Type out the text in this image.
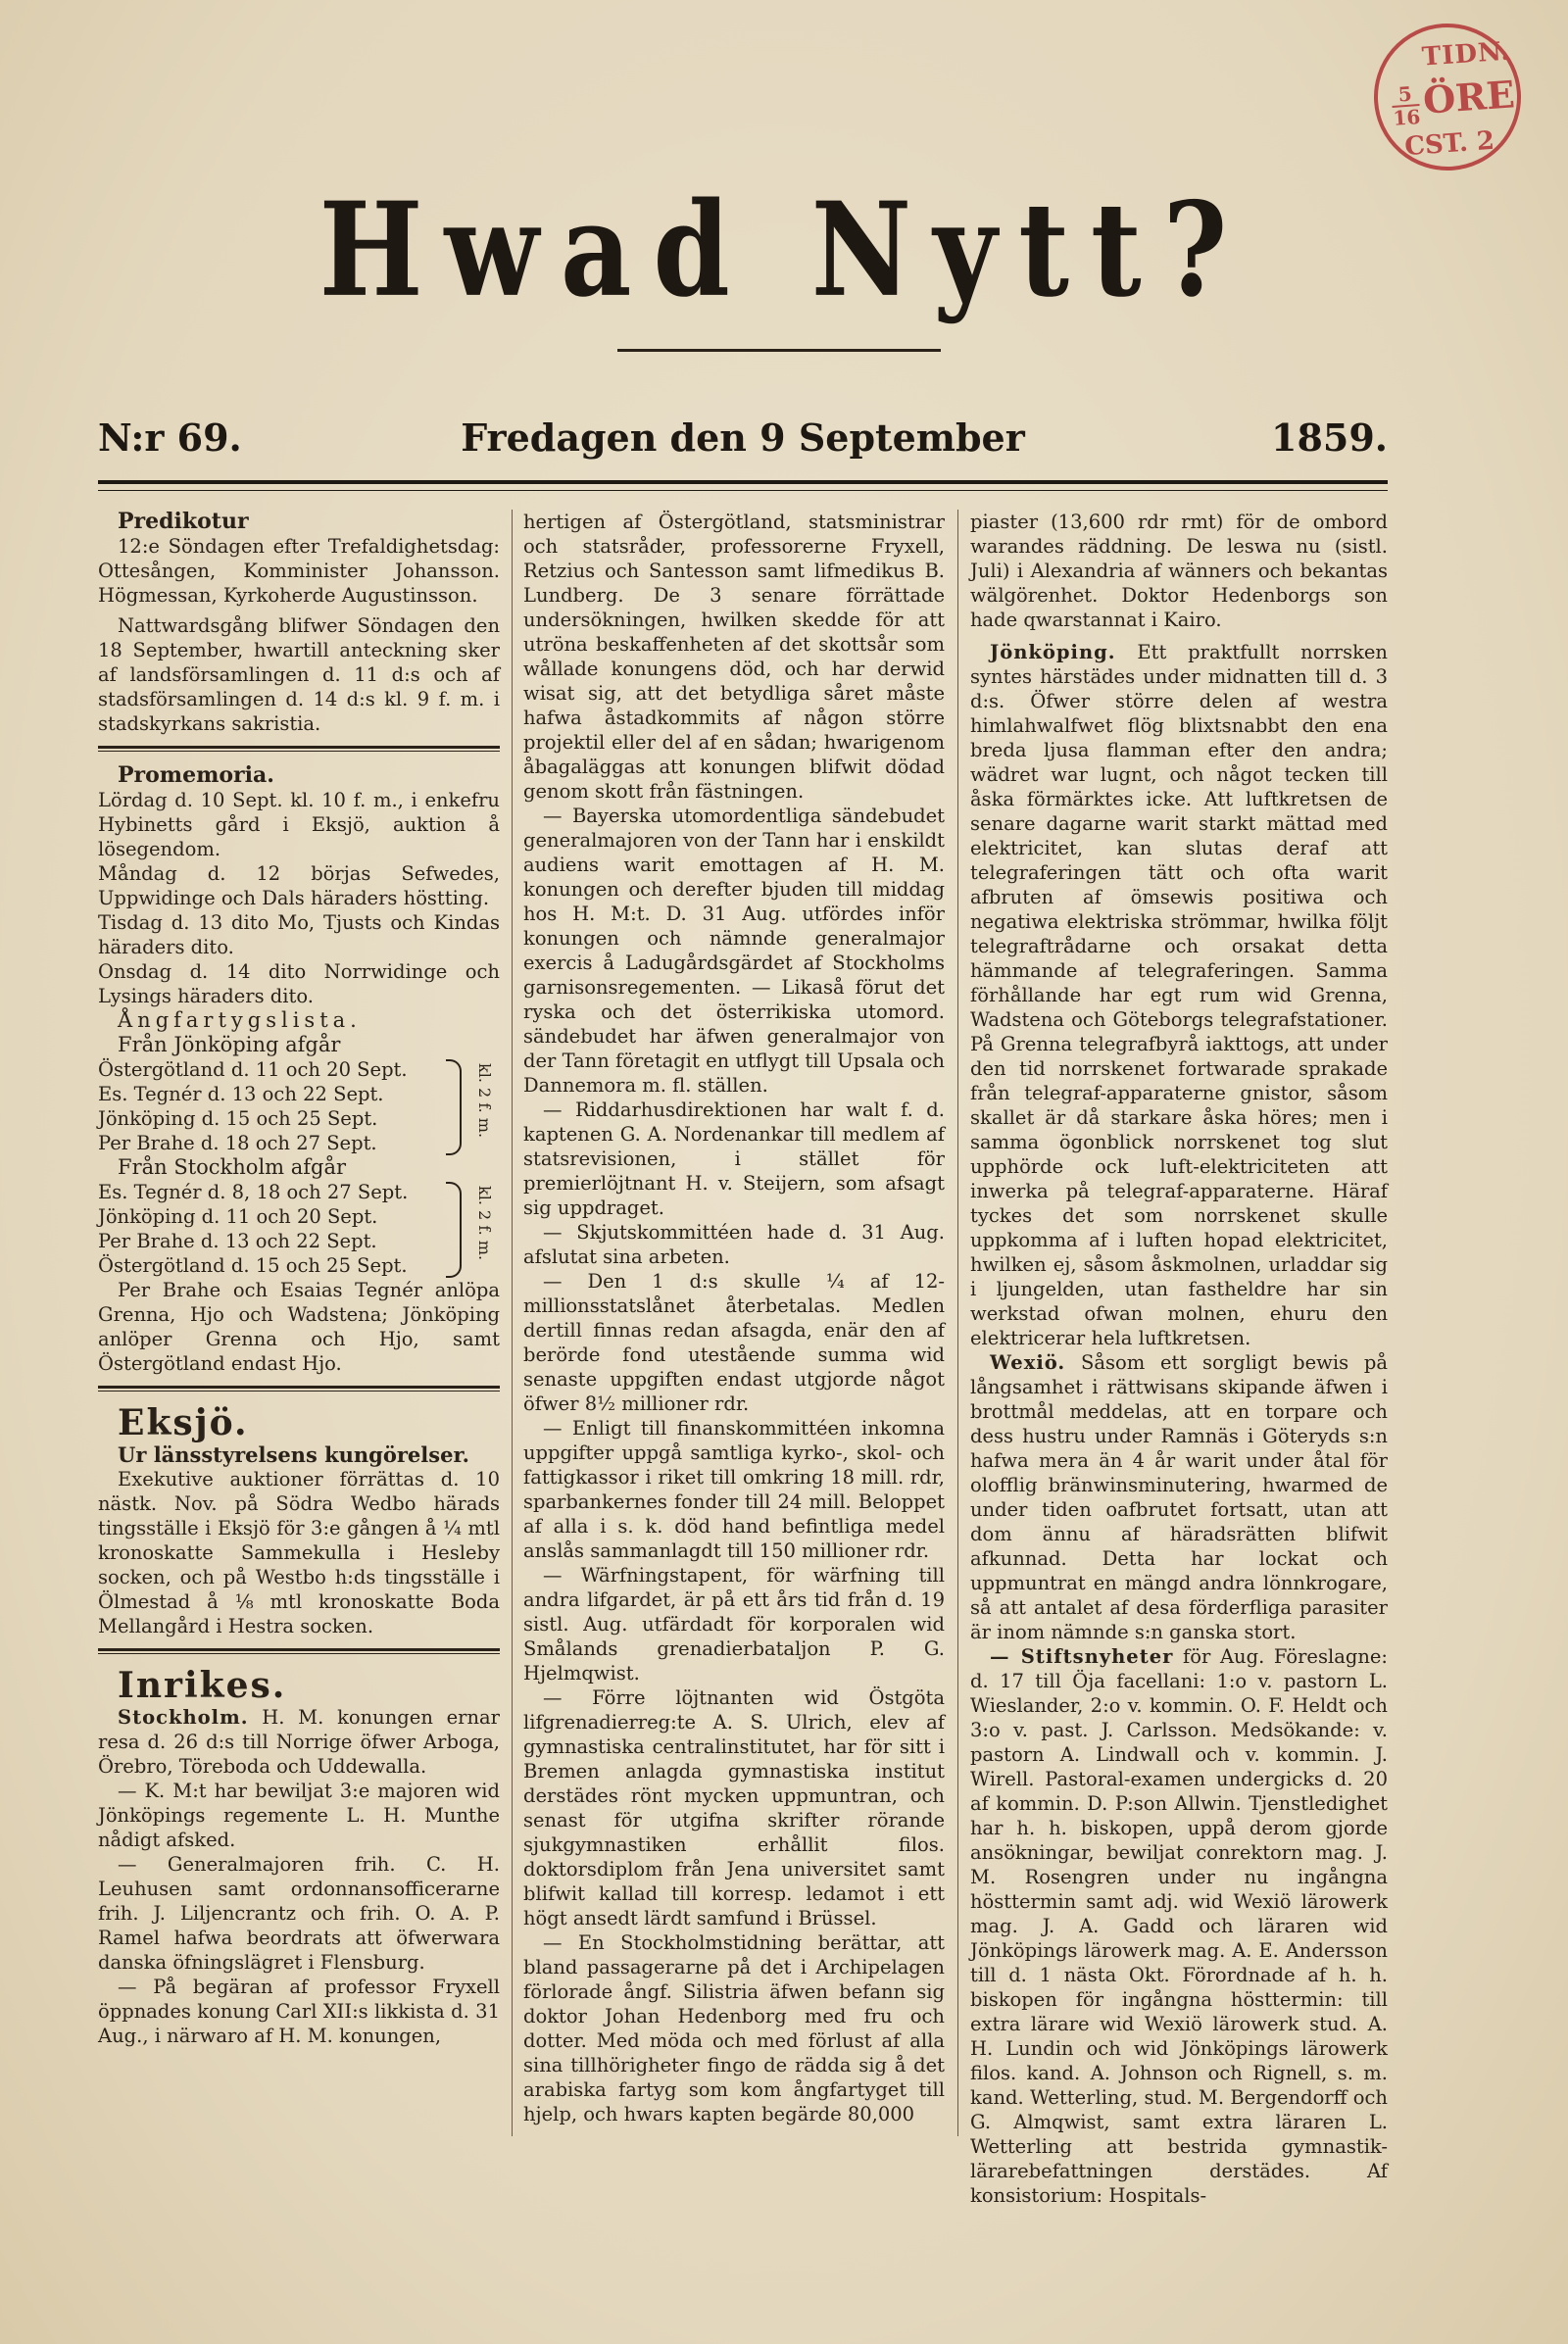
TIDN.
5
16 ÖRE
CST. 2
Hwad Nytt?
Fredagen den 9 September
N:r 69.	1859.

Predikotur

12:e Söndagen efter Trefaldighetsdag: Ottesången, Komminister Johansson. Högmessan, Kyrkoherde Augustinsson.

Nattwardsgång blifwer Söndagen den 18 September, hwartill anteckning sker af landsförsamlingen d. 11 d:s och af stadsförsamlingen d. 14 d:s kl. 9 f. m. i stadskyrkans sakristia.

Promemoria.

Lördag d. 10 Sept. kl. 10 f. m., i enkefru Hybinetts gård i Eksjö, auktion å lösegendom.

Måndag d. 12 börjas Sefwedes, Uppwidinge och Dals häraders höstting.

Tisdag d. 13 dito Mo, Tjusts och Kindas häraders dito.

Onsdag d. 14 dito Norrwidinge och Lysings häraders dito.

Ångfartygslista.

Från Jönköping afgår

Östergötland d. 11 och 20 Sept.

Es. Tegnér d. 13 och 22 Sept.

Jönköping d. 15 och 25 Sept.

Per Brahe d. 18 och 27 Sept.

kl. 2 f. m.

Från Stockholm afgår

Es. Tegnér d. 8, 18 och 27 Sept.

Jönköping d. 11 och 20 Sept.

Per Brahe d. 13 och 22 Sept.

Östergötland d. 15 och 25 Sept.

kl. 2 f. m.

Per Brahe och Esaias Tegnér anlöpa Grenna, Hjo och Wadstena; Jönköping anlöper Grenna och Hjo, samt Östergötland endast Hjo.

Eksjö.

Ur länsstyrelsens kungörelser.

Exekutive auktioner förrättas d. 10 nästk. Nov. på Södra Wedbo härads tingsställe i Eksjö för 3:e gången å ¼ mtl kronoskatte Sammekulla i Hesleby socken, och på Westbo h:ds tingsställe i Ölmestad å ⅛ mtl kronoskatte Boda Mellangård i Hestra socken.

Inrikes.

Stockholm. H. M. konungen ernar resa d. 26 d:s till Norrige öfwer Arboga, Örebro, Töreboda och Uddewalla.

— K. M:t har bewiljat 3:e majoren wid Jönköpings regemente L. H. Munthe nådigt afsked.

— Generalmajoren frih. C. H. Leuhusen samt ordonnansofficerarne frih. J. Liljencrantz och frih. O. A. P. Ramel hafwa beordrats att öfwerwara danska öfningslägret i Flensburg.

— På begäran af professor Fryxell öppnades konung Carl XII:s likkista d. 31 Aug., i närwaro af H. M. konungen,

hertigen af Östergötland, statsministrar och statsråder, professorerne Fryxell, Retzius och Santesson samt lifmedikus B. Lundberg. De 3 senare förrättade undersökningen, hwilken skedde för att utröna beskaffenheten af det skottsår som wållade konungens död, och har derwid wisat sig, att det betydliga såret måste hafwa åstadkommits af någon större projektil eller del af en sådan; hwarigenom åbagaläggas att konungen blifwit dödad genom skott från fästningen.

— Bayerska utomordentliga sändebudet generalmajoren von der Tann har i enskildt audiens warit emottagen af H. M. konungen och derefter bjuden till middag hos H. M:t. D. 31 Aug. utfördes inför konungen och nämnde generalmajor exercis å Ladugårdsgärdet af Stockholms garnisonsregementen. — Likaså förut det ryska och det österrikiska utomord. sändebudet har äfwen generalmajor von der Tann företagit en utflygt till Upsala och Dannemora m. fl. ställen.

— Riddarhusdirektionen har walt f. d. kaptenen G. A. Nordenankar till medlem af statsrevisionen, i stället för premierlöjtnant H. v. Steijern, som afsagt sig uppdraget.

— Skjutskommittéen hade d. 31 Aug. afslutat sina arbeten.

— Den 1 d:s skulle ¼ af 12-millionsstatslånet återbetalas. Medlen dertill finnas redan afsagda, enär den af berörde fond utestående summa wid senaste uppgiften endast utgjorde något öfwer 8½ millioner rdr.

— Enligt till finanskommittéen inkomna uppgifter uppgå samtliga kyrko-, skol- och fattigkassor i riket till omkring 18 mill. rdr, sparbankernes fonder till 24 mill. Beloppet af alla i s. k. död hand befintliga medel anslås sammanlagdt till 150 millioner rdr.

— Wärfningstapent, för wärfning till andra lifgardet, är på ett års tid från d. 19 sistl. Aug. utfärdadt för korporalen wid Smålands grenadierbataljon P. G. Hjelmqwist.

— Förre löjtnanten wid Östgöta lifgrenadierreg:te A. S. Ulrich, elev af gymnastiska centralinstitutet, har för sitt i Bremen anlagda gymnastiska institut derstädes rönt mycken uppmuntran, och senast för utgifna skrifter rörande sjukgymnastiken erhållit filos. doktorsdiplom från Jena universitet samt blifwit kallad till korresp. ledamot i ett högt ansedt lärdt samfund i Brüssel.

— En Stockholmstidning berättar, att bland passagerarne på det i Archipelagen förlorade ångf. Silistria äfwen befann sig doktor Johan Hedenborg med fru och dotter. Med möda och med förlust af alla sina tillhörigheter fingo de rädda sig å det arabiska fartyg som kom ångfartyget till hjelp, och hwars kapten begärde 80,000

piaster (13,600 rdr rmt) för de ombord warandes räddning. De leswa nu (sistl. Juli) i Alexandria af wänners och bekantas wälgörenhet. Doktor Hedenborgs son hade qwarstannat i Kairo.

Jönköping. Ett praktfullt norrsken syntes härstädes under midnatten till d. 3 d:s. Öfwer större delen af westra himlahwalfwet flög blixtsnabbt den ena breda ljusa flamman efter den andra; wädret war lugnt, och något tecken till åska förmärktes icke. Att luftkretsen de senare dagarne warit starkt mättad med elektricitet, kan slutas deraf att telegraferingen tätt och ofta warit afbruten af ömsewis positiwa och negatiwa elektriska strömmar, hwilka följt telegraftrådarne och orsakat detta hämmande af telegraferingen. Samma förhållande har egt rum wid Grenna, Wadstena och Göteborgs telegrafstationer. På Grenna telegrafbyrå iakttogs, att under den tid norrskenet fortwarade sprakade från telegraf-apparaterne gnistor, såsom skallet är då starkare åska höres; men i samma ögonblick norrskenet tog slut upphörde ock luft-elektriciteten att inwerka på telegraf-apparaterne. Häraf tyckes det som norrskenet skulle uppkomma af i luften hopad elektricitet, hwilken ej, såsom åskmolnen, urladdar sig i ljungelden, utan fastheldre har sin werkstad ofwan molnen, ehuru den elektricerar hela luftkretsen.

Wexiö. Såsom ett sorgligt bewis på långsamhet i rättwisans skipande äfwen i brottmål meddelas, att en torpare och dess hustru under Ramnäs i Göteryds s:n hafwa mera än 4 år warit under åtal för olofflig bränwinsminutering, hwarmed de under tiden oafbrutet fortsatt, utan att dom ännu af häradsrätten blifwit afkunnad. Detta har lockat och uppmuntrat en mängd andra lönnkrogare, så att antalet af desa förderfliga parasiter är inom nämnde s:n ganska stort.

— Stiftsnyheter för Aug. Föreslagne: d. 17 till Öja facellani: 1:o v. pastorn L. Wieslander, 2:o v. kommin. O. F. Heldt och 3:o v. past. J. Carlsson. Medsökande: v. pastorn A. Lindwall och v. kommin. J. Wirell. Pastoral-examen undergicks d. 20 af kommin. D. P:son Allwin. Tjenstledighet har h. h. biskopen, uppå derom gjorde ansökningar, bewiljat conrektorn mag. J. M. Rosengren under nu ingångna hösttermin samt adj. wid Wexiö lärowerk mag. J. A. Gadd och läraren wid Jönköpings lärowerk mag. A. E. Andersson till d. 1 nästa Okt. Förordnade af h. h. biskopen för ingångna hösttermin: till extra lärare wid Wexiö lärowerk stud. A. H. Lundin och wid Jönköpings lärowerk filos. kand. A. Johnson och Rignell, s. m. kand. Wetterling, stud. M. Bergendorff och G. Almqwist, samt extra läraren L. Wetterling att bestrida gymnastik-lärarebefattningen derstädes. Af konsistorium: Hospitals-
